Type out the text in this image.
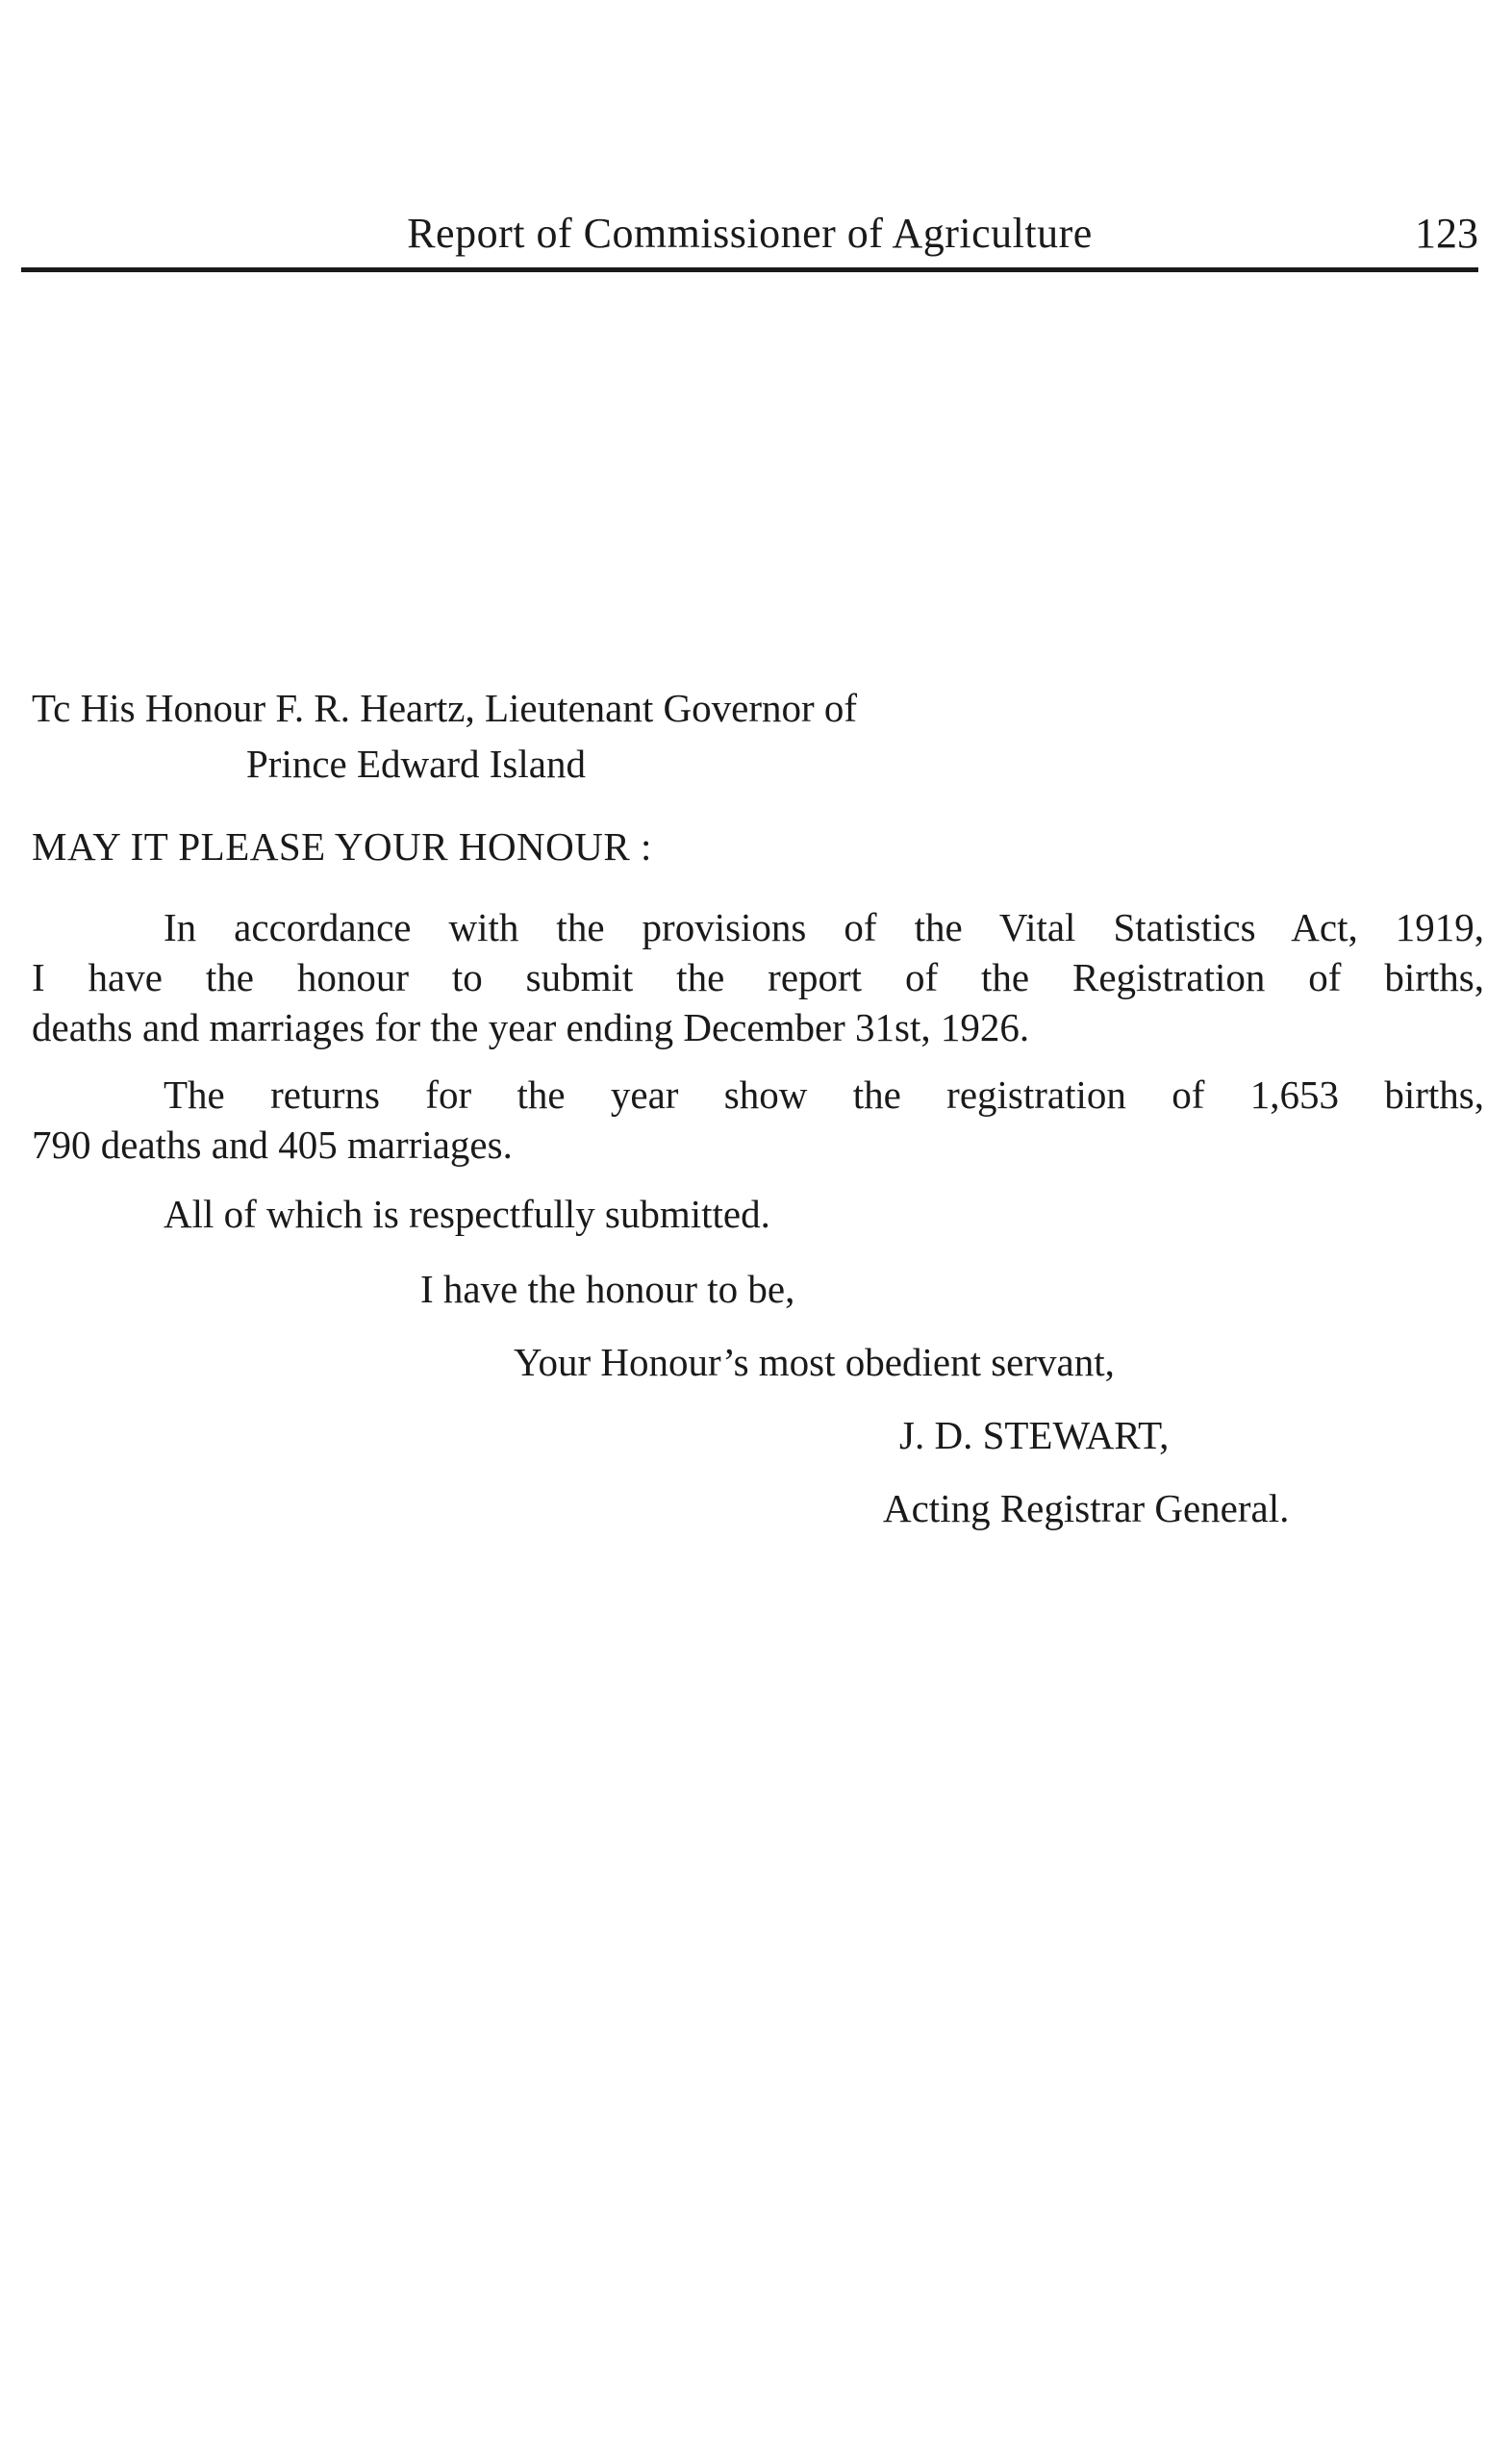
Report of Commissioner of Agriculture	123
Tc His Honour F. R. Heartz, Lieutenant Governor of
Prince Edward Island
MAY IT PLEASE YOUR HONOUR :
In accordance with the provisions of the Vital Statistics Act, 1919,
I have the honour to submit the report of the Registration of births,
deaths and marriages for the year ending December 31st, 1926.
The returns for the year show the registration of 1,653 births,
790 deaths and 405 marriages.
All of which is respectfully submitted.
I have the honour to be,
Your Honour’s most obedient servant,
J. D. STEWART,
Acting Registrar General.
